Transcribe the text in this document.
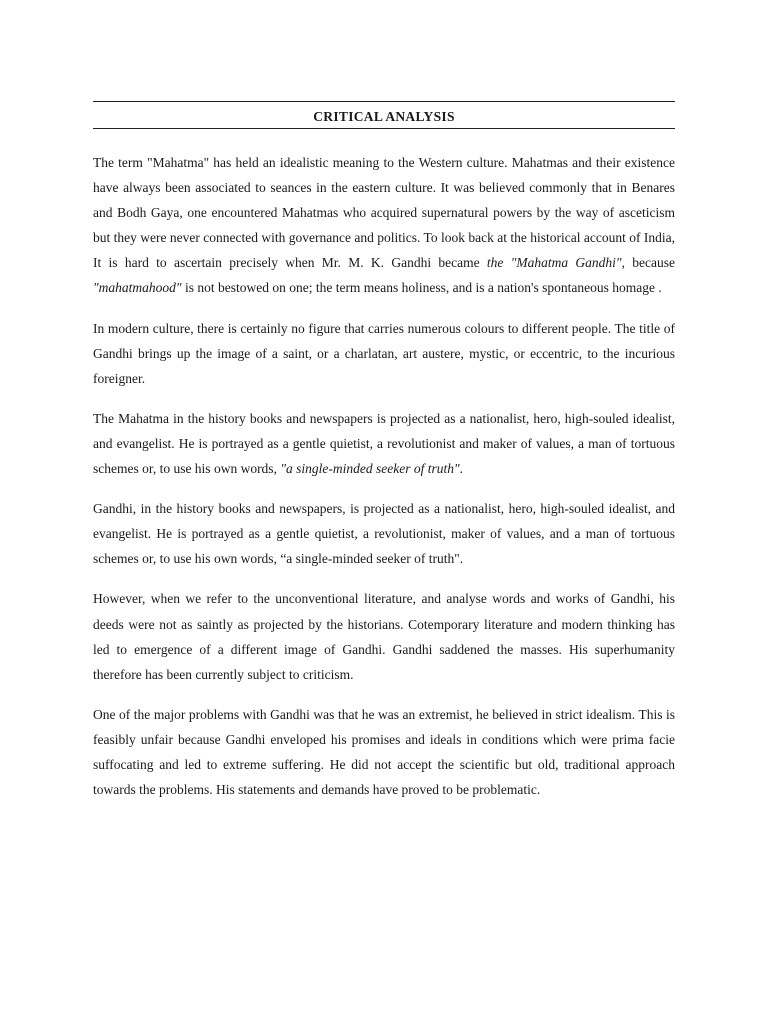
CRITICAL ANALYSIS

The term "Mahatma" has held an idealistic meaning to the Western culture. Mahatmas and their existence have always been associated to seances in the eastern culture. It was believed commonly that in Benares and Bodh Gaya, one encountered Mahatmas who acquired supernatural powers by the way of asceticism but they were never connected with governance and politics. To look back at the historical account of India, It is hard to ascertain precisely when Mr. M. K. Gandhi became the "Mahatma Gandhi", because "mahatmahood" is not bestowed on one; the term means holiness, and is a nation's spontaneous homage .

In modern culture, there is certainly no figure that carries numerous colours to different people. The title of Gandhi brings up the image of a saint, or a charlatan, art austere, mystic, or eccentric, to the incurious foreigner.

The Mahatma in the history books and newspapers is projected as a nationalist, hero, high-souled idealist, and evangelist. He is portrayed as a gentle quietist, a revolutionist and maker of values, a man of tortuous schemes or, to use his own words, "a single-minded seeker of truth".

Gandhi, in the history books and newspapers, is projected as a nationalist, hero, high-souled idealist, and evangelist. He is portrayed as a gentle quietist, a revolutionist, maker of values, and a man of tortuous schemes or, to use his own words, “a single-minded seeker of truth".

However, when we refer to the unconventional literature, and analyse words and works of Gandhi, his deeds were not as saintly as projected by the historians. Cotemporary literature and modern thinking has led to emergence of a different image of Gandhi. Gandhi saddened the masses. His superhumanity therefore has been currently subject to criticism.

One of the major problems with Gandhi was that he was an extremist, he believed in strict idealism. This is feasibly unfair because Gandhi enveloped his promises and ideals in conditions which were prima facie suffocating and led to extreme suffering. He did not accept the scientific but old, traditional approach towards the problems. His statements and demands have proved to be problematic.
